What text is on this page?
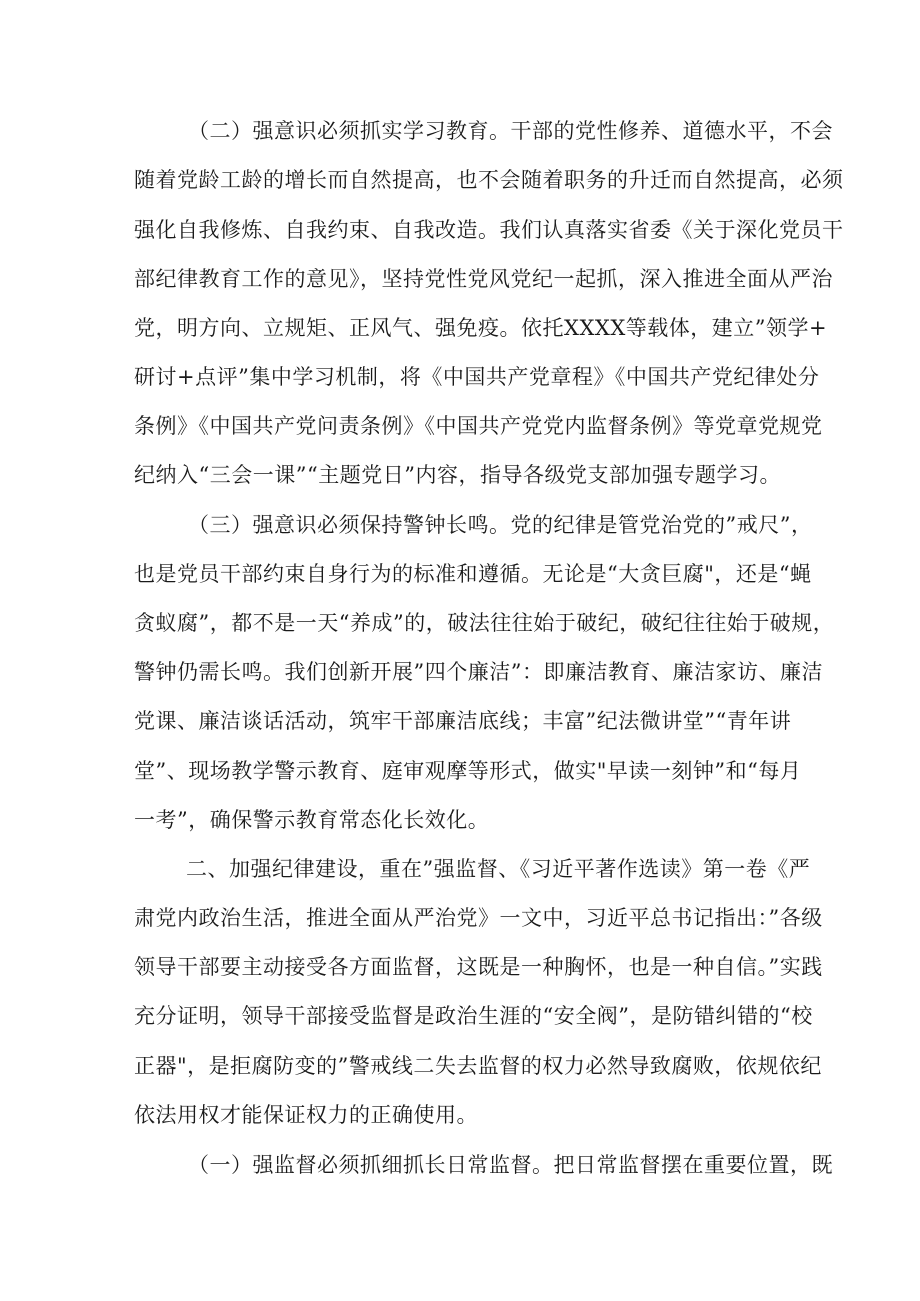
（二）强意识必须抓实学习教育。干部的党性修养、道德水平，不会
随着党龄工龄的增长而自然提高，也不会随着职务的升迁而自然提高，必须
强化自我修炼、自我约束、自我改造。我们认真落实省委《关于深化党员干
部纪律教育工作的意见》，坚持党性党风党纪一起抓，深入推进全面从严治
党，明方向、立规矩、正风气、强免疫。依托XXXX等载体，建立”领学+
研讨+点评”集中学习机制，将《中国共产党章程》《中国共产党纪律处分
条例》《中国共产党问责条例》《中国共产党党内监督条例》等党章党规党
纪纳入“三会一课”“主题党日”内容，指导各级党支部加强专题学习。
（三）强意识必须保持警钟长鸣。党的纪律是管党治党的”戒尺”，
也是党员干部约束自身行为的标准和遵循。无论是“大贪巨腐"，还是“蝇
贪蚁腐”，都不是一天“养成”的，破法往往始于破纪，破纪往往始于破规，
警钟仍需长鸣。我们创新开展”四个廉洁”：即廉洁教育、廉洁家访、廉洁
党课、廉洁谈话活动，筑牢干部廉洁底线；丰富”纪法微讲堂”“青年讲
堂”、现场教学警示教育、庭审观摩等形式，做实"早读一刻钟”和“每月
一考”，确保警示教育常态化长效化。
二、加强纪律建设，重在”强监督、《习近平著作选读》第一卷《严
肃党内政治生活，推进全面从严治党》一文中，习近平总书记指出：”各级
领导干部要主动接受各方面监督，这既是一种胸怀，也是一种自信。”实践
充分证明，领导干部接受监督是政治生涯的“安全阀”，是防错纠错的“校
正器"，是拒腐防变的”警戒线二失去监督的权力必然导致腐败，依规依纪
依法用权才能保证权力的正确使用。
（一）强监督必须抓细抓长日常监督。把日常监督摆在重要位置，既
